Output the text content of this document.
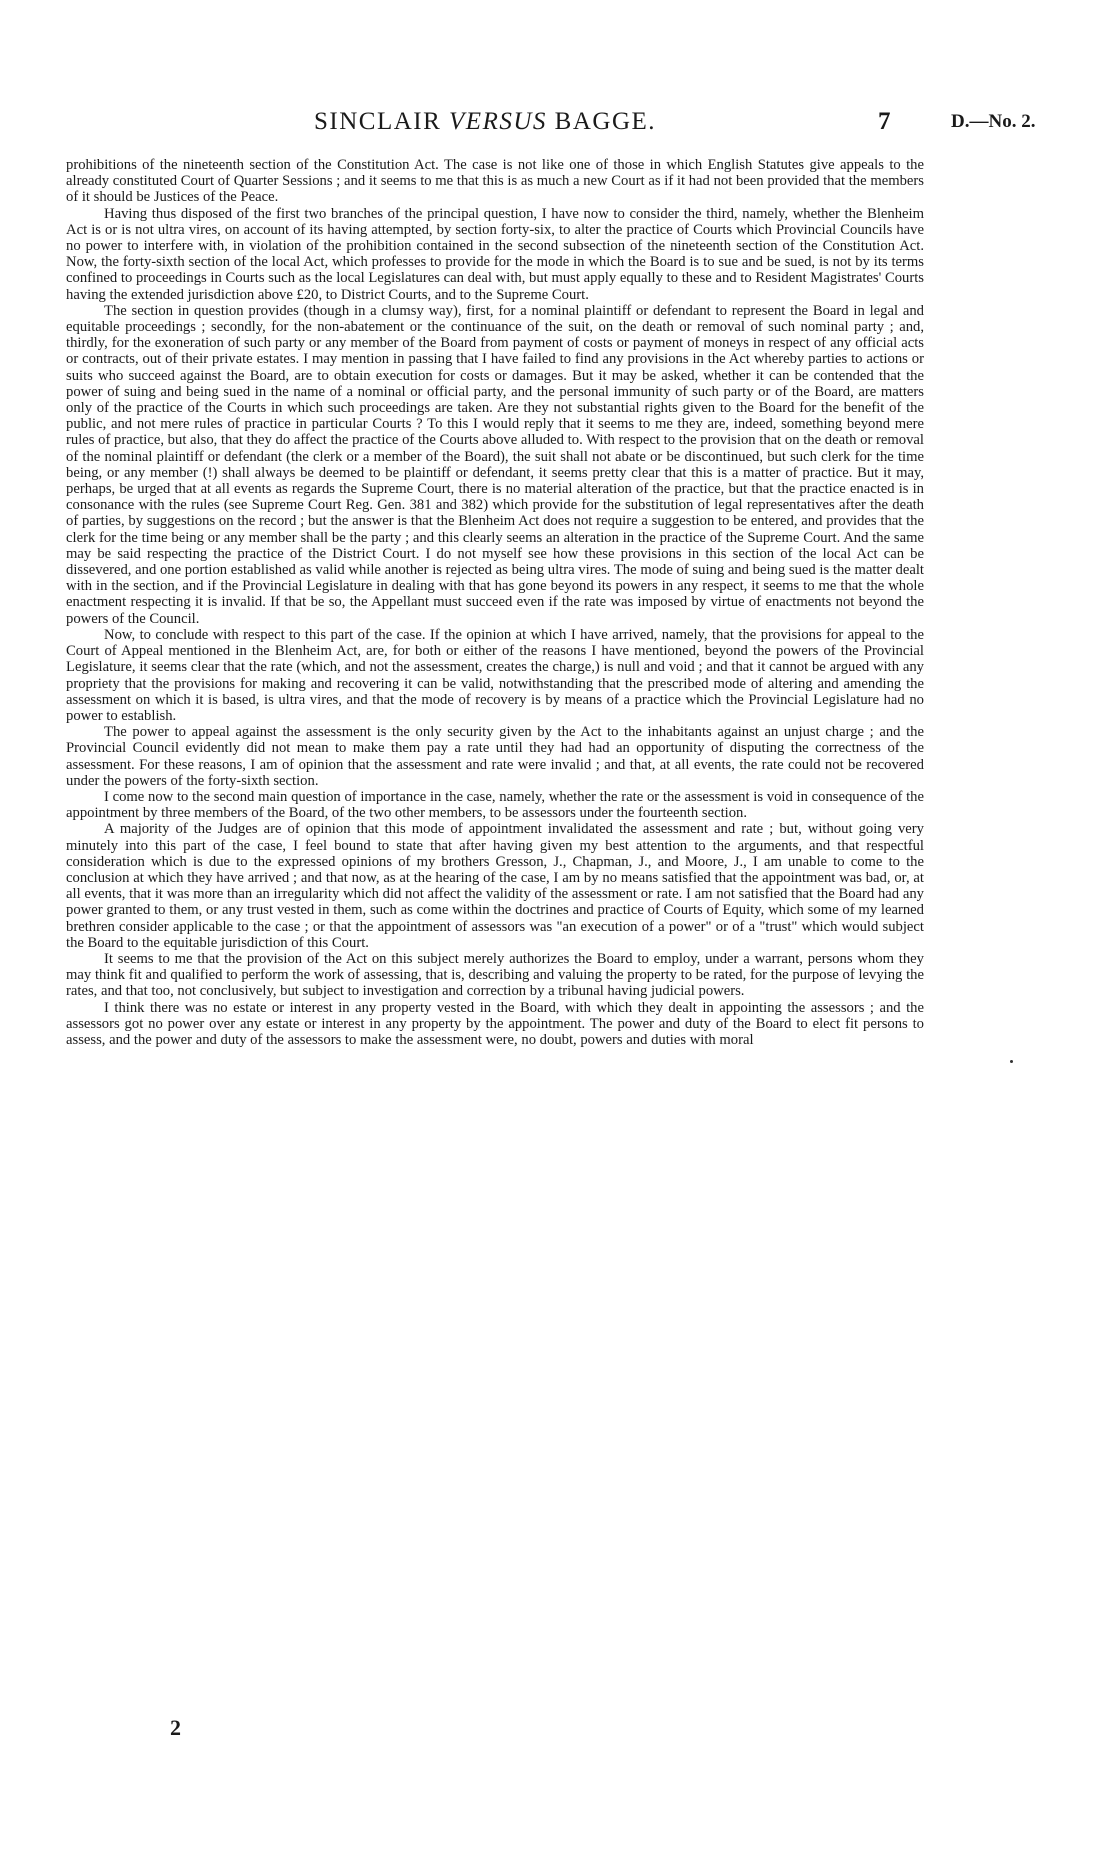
SINCLAIR VERSUS BAGGE.	7	D.—No. 2.

prohibitions of the nineteenth section of the Constitution Act. The case is not like one of those in which English Statutes give appeals to the already constituted Court of Quarter Sessions ; and it seems to me that this is as much a new Court as if it had not been provided that the members of it should be Justices of the Peace.

Having thus disposed of the first two branches of the principal question, I have now to consider the third, namely, whether the Blenheim Act is or is not ultra vires, on account of its having attempted, by section forty-six, to alter the practice of Courts which Provincial Councils have no power to interfere with, in violation of the prohibition contained in the second subsection of the nineteenth section of the Constitution Act. Now, the forty-sixth section of the local Act, which professes to provide for the mode in which the Board is to sue and be sued, is not by its terms confined to proceedings in Courts such as the local Legislatures can deal with, but must apply equally to these and to Resident Magistrates' Courts having the extended jurisdiction above £20, to District Courts, and to the Supreme Court.

The section in question provides (though in a clumsy way), first, for a nominal plaintiff or defendant to represent the Board in legal and equitable proceedings ; secondly, for the non-abatement or the continuance of the suit, on the death or removal of such nominal party ; and, thirdly, for the exoneration of such party or any member of the Board from payment of costs or payment of moneys in respect of any official acts or contracts, out of their private estates. I may mention in passing that I have failed to find any provisions in the Act whereby parties to actions or suits who succeed against the Board, are to obtain execution for costs or damages. But it may be asked, whether it can be contended that the power of suing and being sued in the name of a nominal or official party, and the personal immunity of such party or of the Board, are matters only of the practice of the Courts in which such proceedings are taken. Are they not substantial rights given to the Board for the benefit of the public, and not mere rules of practice in particular Courts ? To this I would reply that it seems to me they are, indeed, something beyond mere rules of practice, but also, that they do affect the practice of the Courts above alluded to. With respect to the provision that on the death or removal of the nominal plaintiff or defendant (the clerk or a member of the Board), the suit shall not abate or be discontinued, but such clerk for the time being, or any member (!) shall always be deemed to be plaintiff or defendant, it seems pretty clear that this is a matter of practice. But it may, perhaps, be urged that at all events as regards the Supreme Court, there is no material alteration of the practice, but that the practice enacted is in consonance with the rules (see Supreme Court Reg. Gen. 381 and 382) which provide for the substitution of legal representatives after the death of parties, by suggestions on the record ; but the answer is that the Blenheim Act does not require a suggestion to be entered, and provides that the clerk for the time being or any member shall be the party ; and this clearly seems an alteration in the practice of the Supreme Court. And the same may be said respecting the practice of the District Court. I do not myself see how these provisions in this section of the local Act can be dissevered, and one portion established as valid while another is rejected as being ultra vires. The mode of suing and being sued is the matter dealt with in the section, and if the Provincial Legislature in dealing with that has gone beyond its powers in any respect, it seems to me that the whole enactment respecting it is invalid. If that be so, the Appellant must succeed even if the rate was imposed by virtue of enactments not beyond the powers of the Council.

Now, to conclude with respect to this part of the case. If the opinion at which I have arrived, namely, that the provisions for appeal to the Court of Appeal mentioned in the Blenheim Act, are, for both or either of the reasons I have mentioned, beyond the powers of the Provincial Legislature, it seems clear that the rate (which, and not the assessment, creates the charge,) is null and void ; and that it cannot be argued with any propriety that the provisions for making and recovering it can be valid, notwithstanding that the prescribed mode of altering and amending the assessment on which it is based, is ultra vires, and that the mode of recovery is by means of a practice which the Provincial Legislature had no power to establish.

The power to appeal against the assessment is the only security given by the Act to the inhabitants against an unjust charge ; and the Provincial Council evidently did not mean to make them pay a rate until they had had an opportunity of disputing the correctness of the assessment. For these reasons, I am of opinion that the assessment and rate were invalid ; and that, at all events, the rate could not be recovered under the powers of the forty-sixth section.

I come now to the second main question of importance in the case, namely, whether the rate or the assessment is void in consequence of the appointment by three members of the Board, of the two other members, to be assessors under the fourteenth section.

A majority of the Judges are of opinion that this mode of appointment invalidated the assessment and rate ; but, without going very minutely into this part of the case, I feel bound to state that after having given my best attention to the arguments, and that respectful consideration which is due to the expressed opinions of my brothers Gresson, J., Chapman, J., and Moore, J., I am unable to come to the conclusion at which they have arrived ; and that now, as at the hearing of the case, I am by no means satisfied that the appointment was bad, or, at all events, that it was more than an irregularity which did not affect the validity of the assessment or rate. I am not satisfied that the Board had any power granted to them, or any trust vested in them, such as come within the doctrines and practice of Courts of Equity, which some of my learned brethren consider applicable to the case ; or that the appointment of assessors was "an execution of a power" or of a "trust" which would subject the Board to the equitable jurisdiction of this Court.

It seems to me that the provision of the Act on this subject merely authorizes the Board to employ, under a warrant, persons whom they may think fit and qualified to perform the work of assessing, that is, describing and valuing the property to be rated, for the purpose of levying the rates, and that too, not conclusively, but subject to investigation and correction by a tribunal having judicial powers.

I think there was no estate or interest in any property vested in the Board, with which they dealt in appointing the assessors ; and the assessors got no power over any estate or interest in any property by the appointment. The power and duty of the Board to elect fit persons to assess, and the power and duty of the assessors to make the assessment were, no doubt, powers and duties with moral

2
